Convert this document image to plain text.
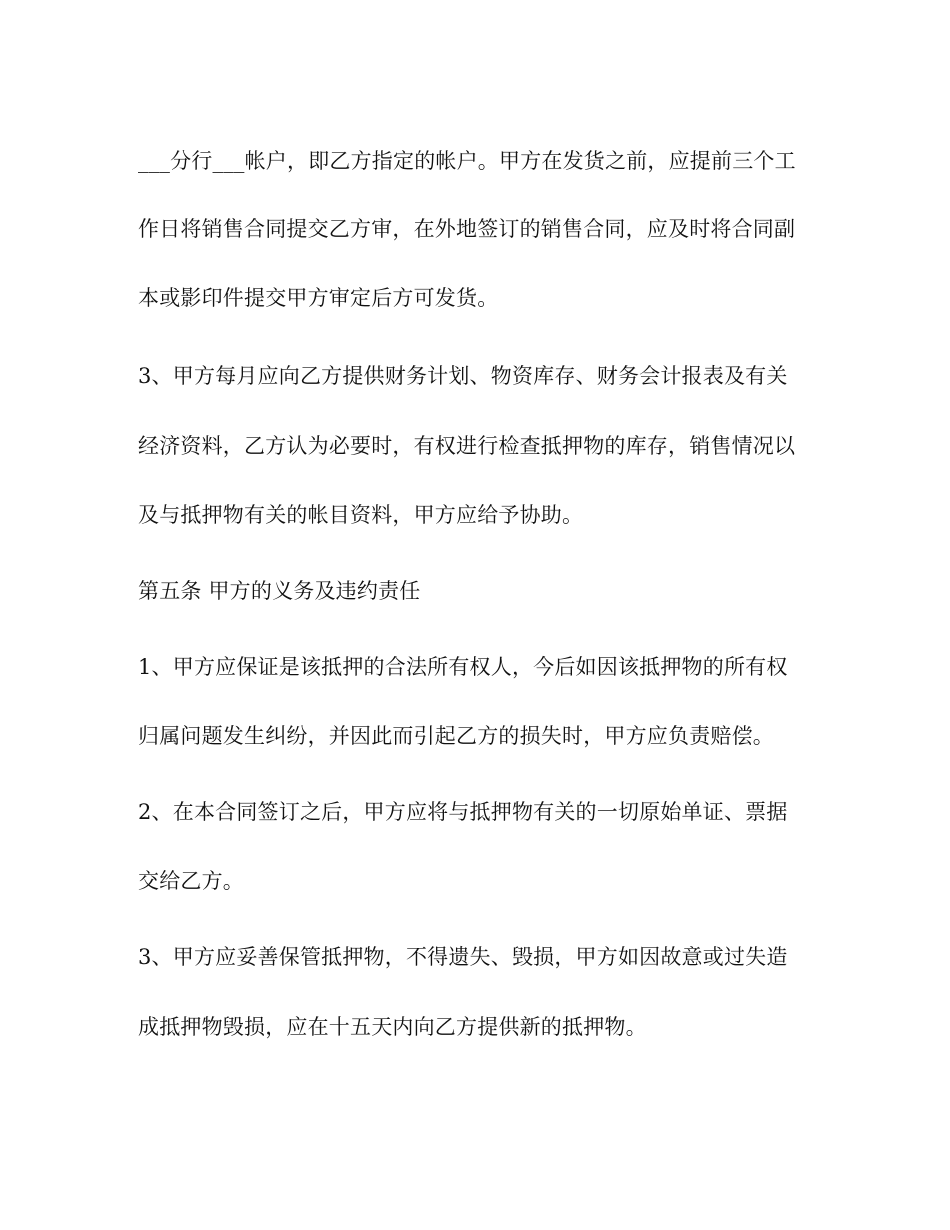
___分行___帐户，即乙方指定的帐户。甲方在发货之前，应提前三个工
作日将销售合同提交乙方审，在外地签订的销售合同，应及时将合同副
本或影印件提交甲方审定后方可发货。
3、甲方每月应向乙方提供财务计划、物资库存、财务会计报表及有关
经济资料，乙方认为必要时，有权进行检查抵押物的库存，销售情况以
及与抵押物有关的帐目资料，甲方应给予协助。
第五条 甲方的义务及违约责任
1、甲方应保证是该抵押的合法所有权人，今后如因该抵押物的所有权
归属问题发生纠纷，并因此而引起乙方的损失时，甲方应负责赔偿。
2、在本合同签订之后，甲方应将与抵押物有关的一切原始单证、票据
交给乙方。
3、甲方应妥善保管抵押物，不得遗失、毁损，甲方如因故意或过失造
成抵押物毁损，应在十五天内向乙方提供新的抵押物。
